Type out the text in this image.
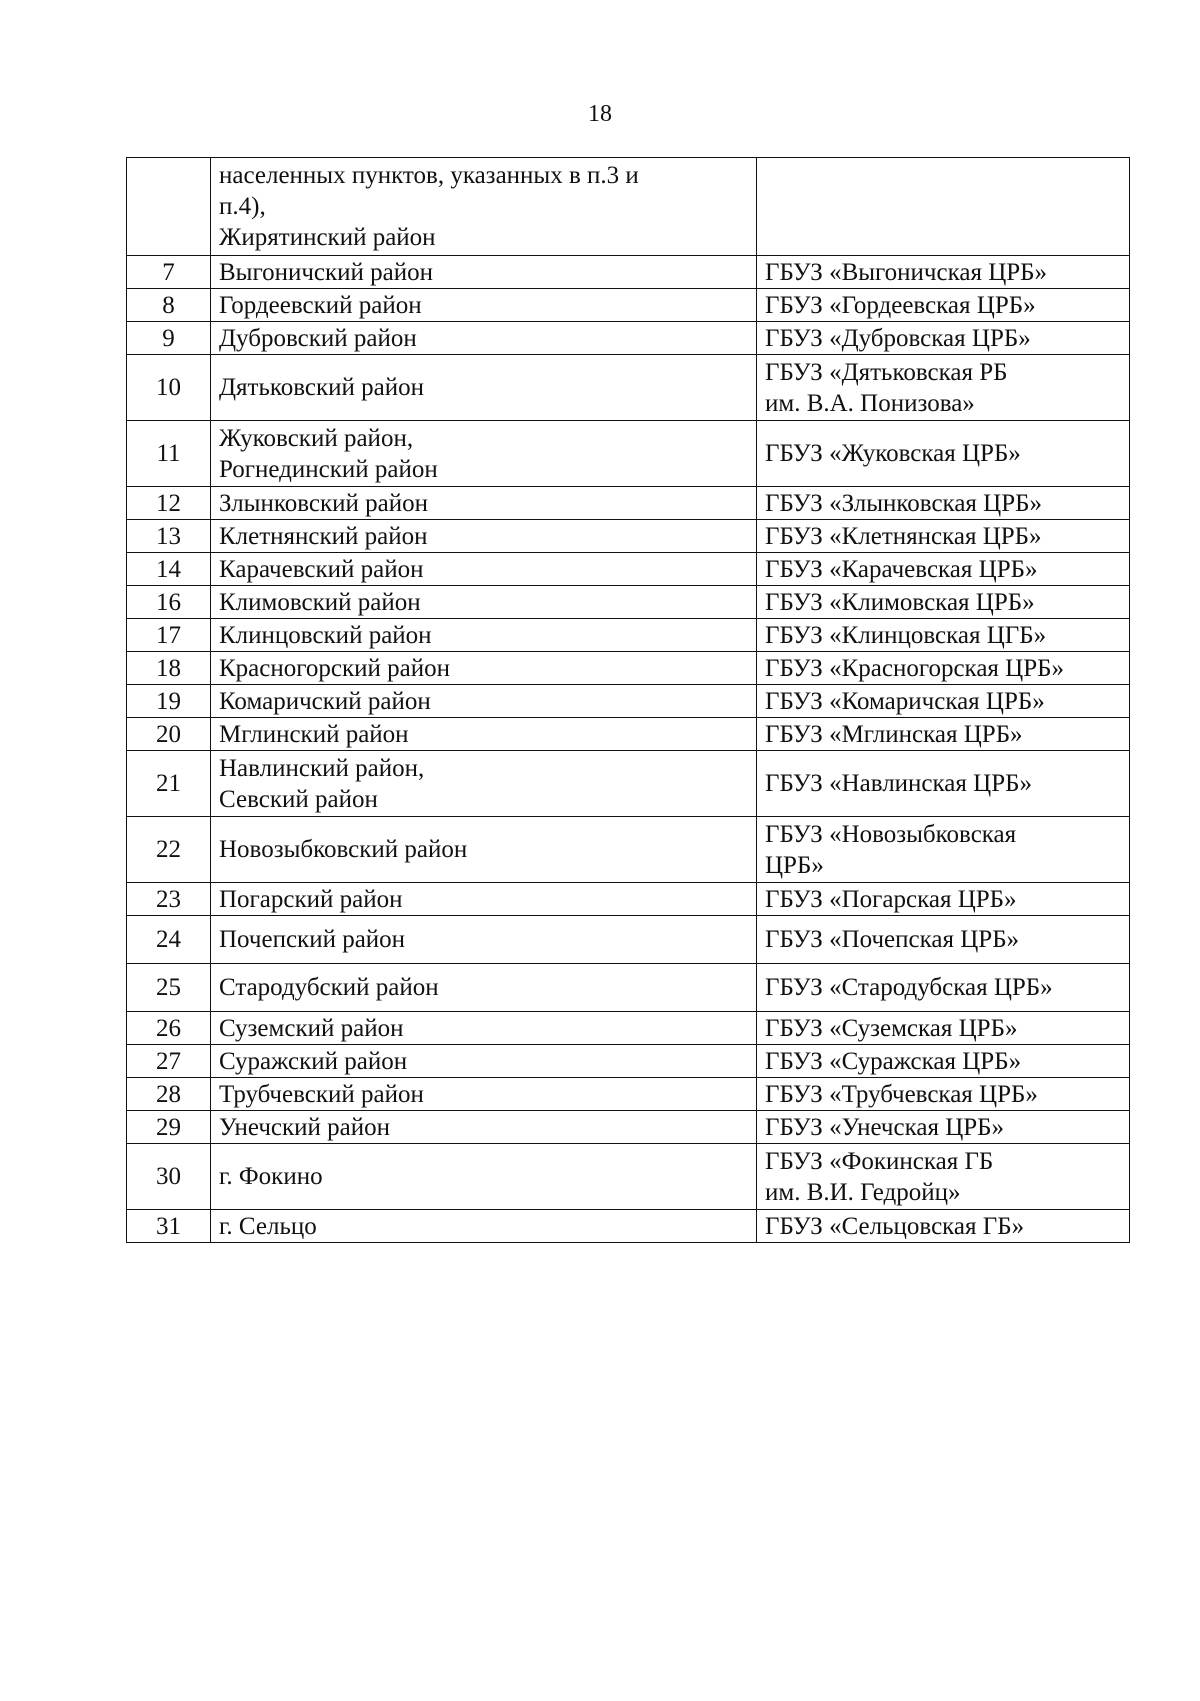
18

	населенных пунктов, указанных в п.3 и
п.4),
Жирятинский район	

7	Выгоничский район	ГБУЗ «Выгоничская ЦРБ»

8	Гордеевский район	ГБУЗ «Гордеевская ЦРБ»

9	Дубровский район	ГБУЗ «Дубровская ЦРБ»

10	Дятьковский район	ГБУЗ «Дятьковская РБ
им. В.А. Понизова»

11	Жуковский район,
Рогнединский район	ГБУЗ «Жуковская ЦРБ»

12	Злынковский район	ГБУЗ «Злынковская ЦРБ»

13	Клетнянский район	ГБУЗ «Клетнянская ЦРБ»

14	Карачевский район	ГБУЗ «Карачевская ЦРБ»

16	Климовский район	ГБУЗ «Климовская ЦРБ»

17	Клинцовский район	ГБУЗ «Клинцовская ЦГБ»

18	Красногорский район	ГБУЗ «Красногорская ЦРБ»

19	Комаричский район	ГБУЗ «Комаричская ЦРБ»

20	Мглинский район	ГБУЗ «Мглинская ЦРБ»

21	Навлинский район,
Севский район	ГБУЗ «Навлинская ЦРБ»

22	Новозыбковский район	ГБУЗ «Новозыбковская
ЦРБ»

23	Погарский район	ГБУЗ «Погарская ЦРБ»

24	Почепский район	ГБУЗ «Почепская ЦРБ»

25	Стародубский район	ГБУЗ «Стародубская ЦРБ»

26	Суземский район	ГБУЗ «Суземская ЦРБ»

27	Суражский район	ГБУЗ «Суражская ЦРБ»

28	Трубчевский район	ГБУЗ «Трубчевская ЦРБ»

29	Унечский район	ГБУЗ «Унечская ЦРБ»

30	г. Фокино	ГБУЗ «Фокинская ГБ
им. В.И. Гедройц»

31	г. Сельцо	ГБУЗ «Сельцовская ГБ»
